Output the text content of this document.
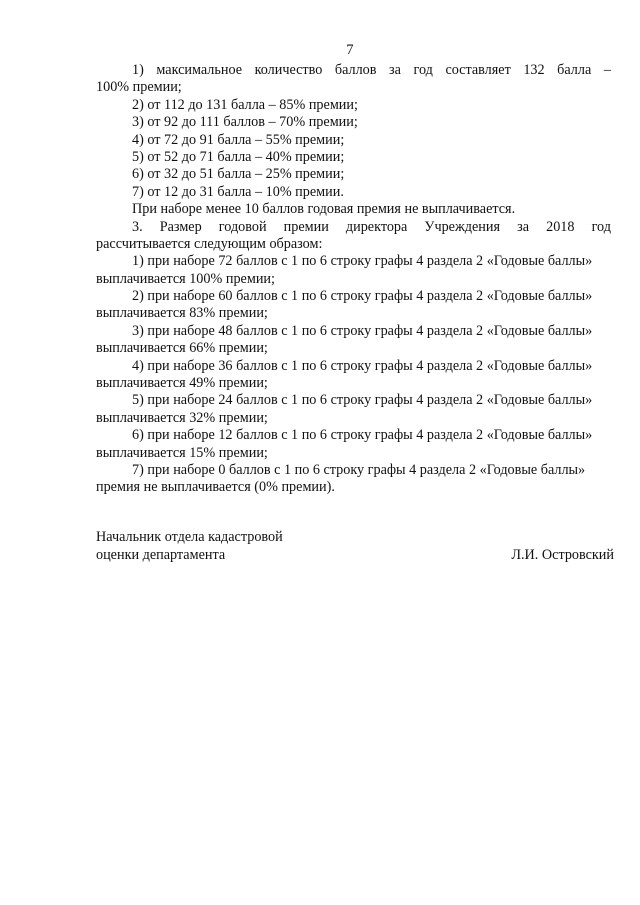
7
1) максимальное количество баллов за год составляет 132 балла –
100% премии;
2) от 112 до 131 балла – 85% премии;
3) от 92 до 111 баллов – 70% премии;
4) от 72 до 91 балла – 55% премии;
5) от 52 до 71 балла – 40% премии;
6) от 32 до 51 балла – 25% премии;
7) от 12 до 31 балла – 10% премии.
При наборе менее 10 баллов годовая премия не выплачивается.
3. Размер годовой премии директора Учреждения за 2018 год
рассчитывается следующим образом:
1) при наборе 72 баллов с 1 по 6 строку графы 4 раздела 2 «Годовые баллы»
выплачивается 100% премии;
2) при наборе 60 баллов с 1 по 6 строку графы 4 раздела 2 «Годовые баллы»
выплачивается 83% премии;
3) при наборе 48 баллов с 1 по 6 строку графы 4 раздела 2 «Годовые баллы»
выплачивается 66% премии;
4) при наборе 36 баллов с 1 по 6 строку графы 4 раздела 2 «Годовые баллы»
выплачивается 49% премии;
5) при наборе 24 баллов с 1 по 6 строку графы 4 раздела 2 «Годовые баллы»
выплачивается 32% премии;
6) при наборе 12 баллов с 1 по 6 строку графы 4 раздела 2 «Годовые баллы»
выплачивается 15% премии;
7) при наборе 0 баллов с 1 по 6 строку графы 4 раздела 2 «Годовые баллы»
премия не выплачивается (0% премии).
Начальник отдела кадастровой
оценки департамента	Л.И. Островский
